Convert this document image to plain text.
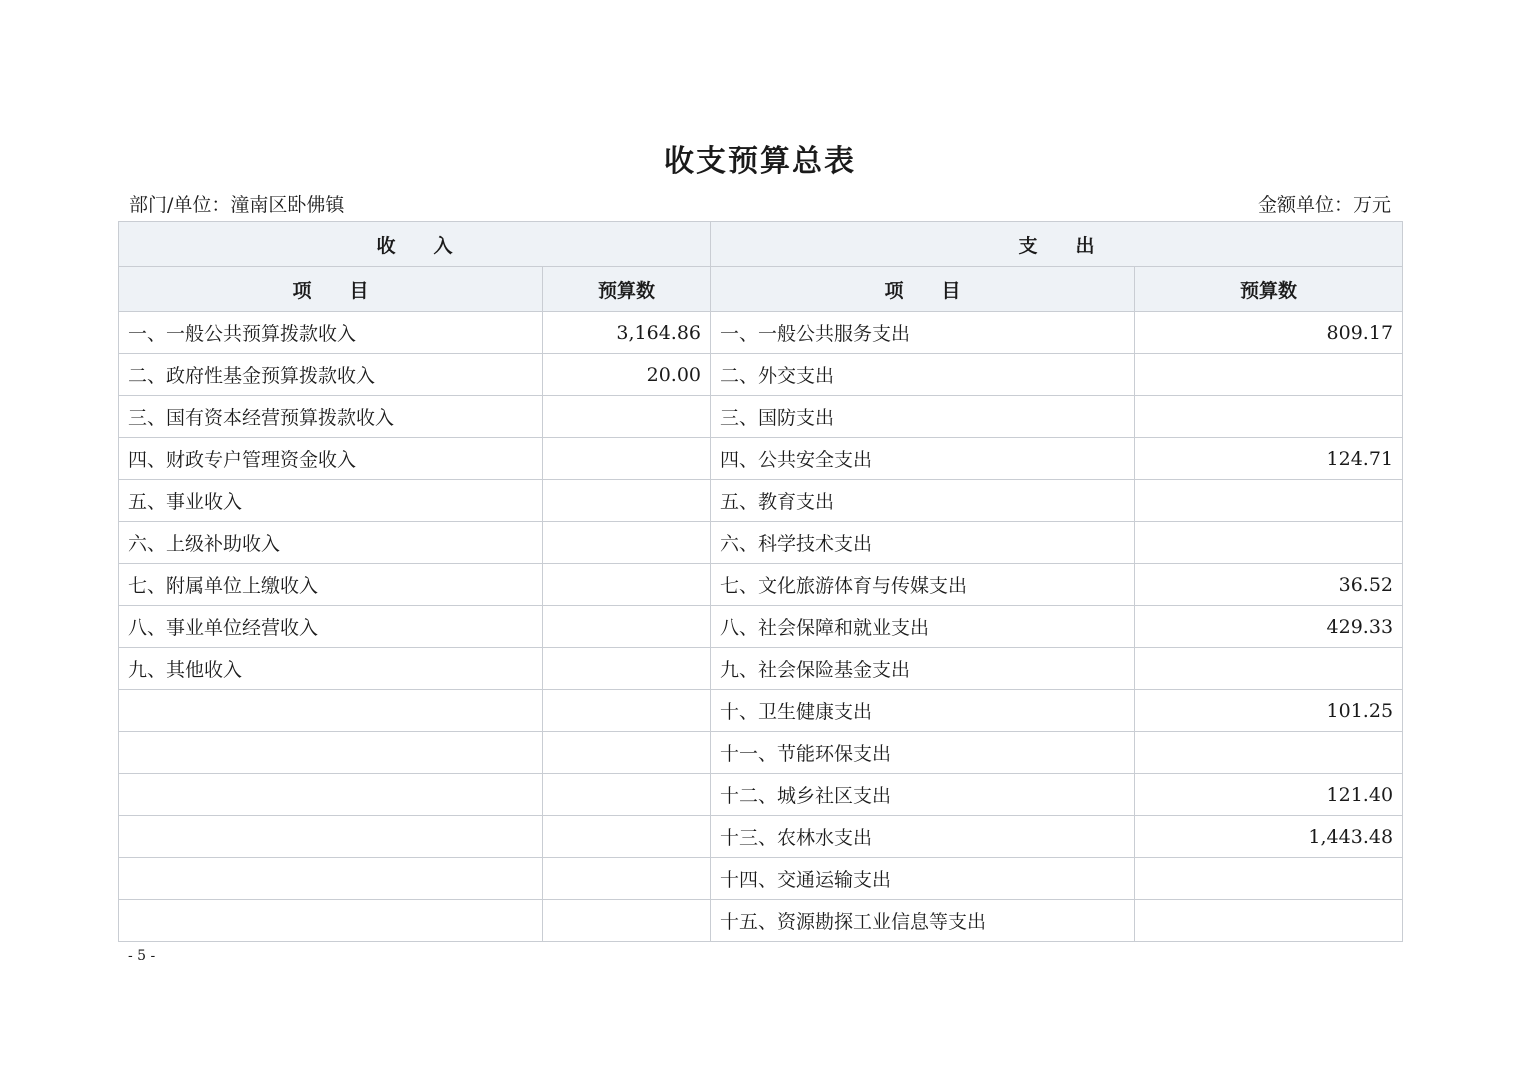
收支预算总表
部门/单位：潼南区卧佛镇	金额单位：万元
收　　入		支　　出	
项　　目	预算数	项　　目	预算数
一、一般公共预算拨款收入	3,164.86	一、一般公共服务支出	809.17
二、政府性基金预算拨款收入	20.00	二、外交支出	
三、国有资本经营预算拨款收入		三、国防支出	
四、财政专户管理资金收入		四、公共安全支出	124.71
五、事业收入		五、教育支出	
六、上级补助收入		六、科学技术支出	
七、附属单位上缴收入		七、文化旅游体育与传媒支出	36.52
八、事业单位经营收入		八、社会保障和就业支出	429.33
九、其他收入		九、社会保险基金支出	
		十、卫生健康支出	101.25
		十一、节能环保支出	
		十二、城乡社区支出	121.40
		十三、农林水支出	1,443.48
		十四、交通运输支出	
		十五、资源勘探工业信息等支出	
- 5 -
